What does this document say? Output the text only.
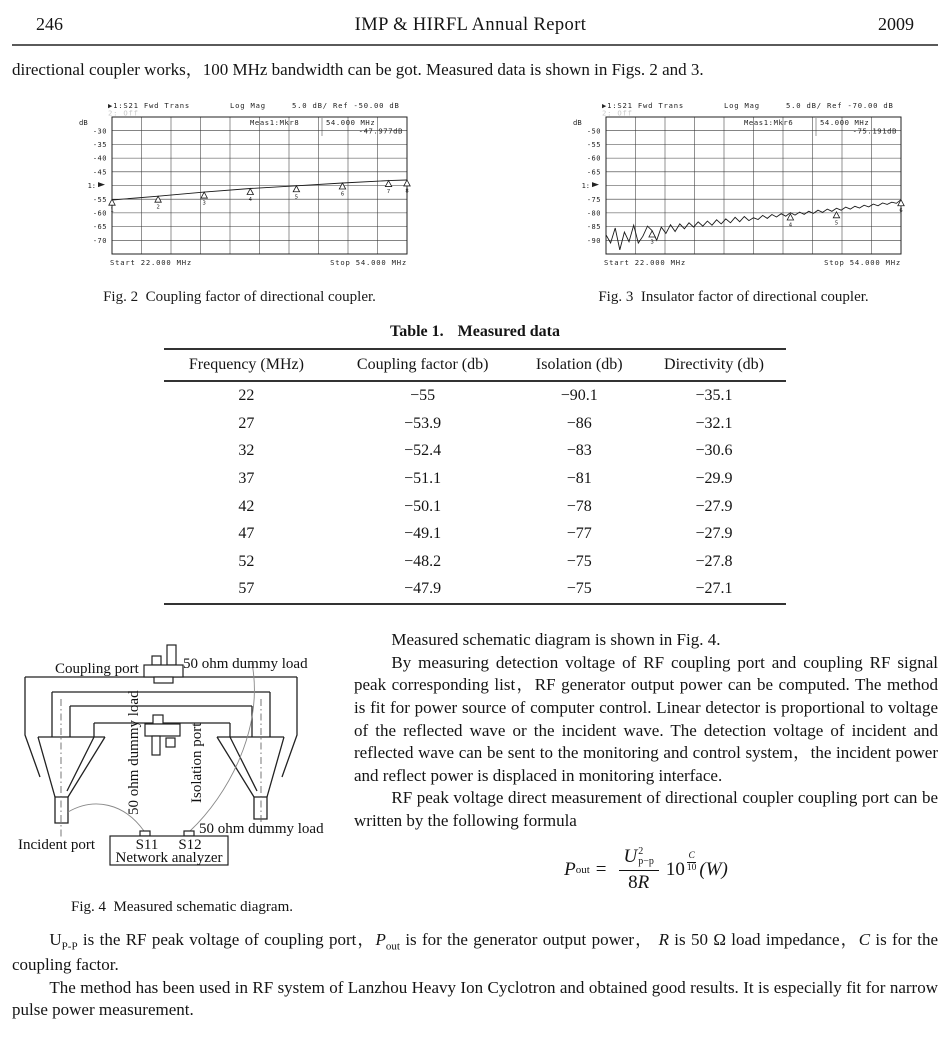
246	IMP & HIRFL Annual Report	2009

directional coupler works，100 MHz bandwidth can be got. Measured data is shown in Figs. 2 and 3.

▶1:S21 Fwd Trans	Log Mag	5.0 dB/ Ref -50.00 dB
2: Off
dB
-30
-35
-40
-45
1:
-55
-60
-65
-70
Meas1:Mkr8	54.000 MHz
-47.977dB
Start 22.000 MHz	Stop 54.000 MHz
1
2
3
4	5	6	7	8
Fig. 2  Coupling factor of directional coupler.
▶1:S21 Fwd Trans	Log Mag	5.0 dB/ Ref -70.00 dB
2: Off
dB
-50
-55
-60
-65
1:
-75
-80
-85
-90
Meas1:Mkr6	54.000 MHz
-75.191dB
Start 22.000 MHz	Stop 54.000 MHz
3
4	5
6
Fig. 3  Insulator factor of directional coupler.
Table 1. Measured data
Frequency (MHz)	Coupling factor (db)	Isolation (db)	Directivity (db)
22	−55	−90.1	−35.1
27	−53.9	−86	−32.1
32	−52.4	−83	−30.6
37	−51.1	−81	−29.9
42	−50.1	−78	−27.9
47	−49.1	−77	−27.9
52	−48.2	−75	−27.8
57	−47.9	−75	−27.1
Coupling port	50 ohm dummy load
50 ohm dummy load	Isolation port
50 ohm dummy load
Incident port	S11 S12
Network analyzer
Fig. 4  Measured schematic diagram.

Measured schematic diagram is shown in Fig. 4.

By measuring detection voltage of RF coupling port and coupling RF signal peak corresponding list，RF generator output power can be computed. The method is fit for power source of computer control. Linear detector is proportional to voltage of the reflected wave or the incident wave. The detection voltage of incident and reflected wave can be sent to the monitoring and control system，the incident power and reflect power is displaced in monitoring interface.

RF peak voltage direct measurement of directional coupler coupling port can be written by the following formula

P out = U 2
p−p
8R $10 \frac{C}{10} (W)$

$U_{P-P}$ is the RF peak voltage of coupling port，$P_{out}$ is for the generator output power， R is 50 Ω load impedance，C is for the coupling factor.

The method has been used in RF system of Lanzhou Heavy Ion Cyclotron and obtained good results. It is especially fit for narrow pulse power measurement.
